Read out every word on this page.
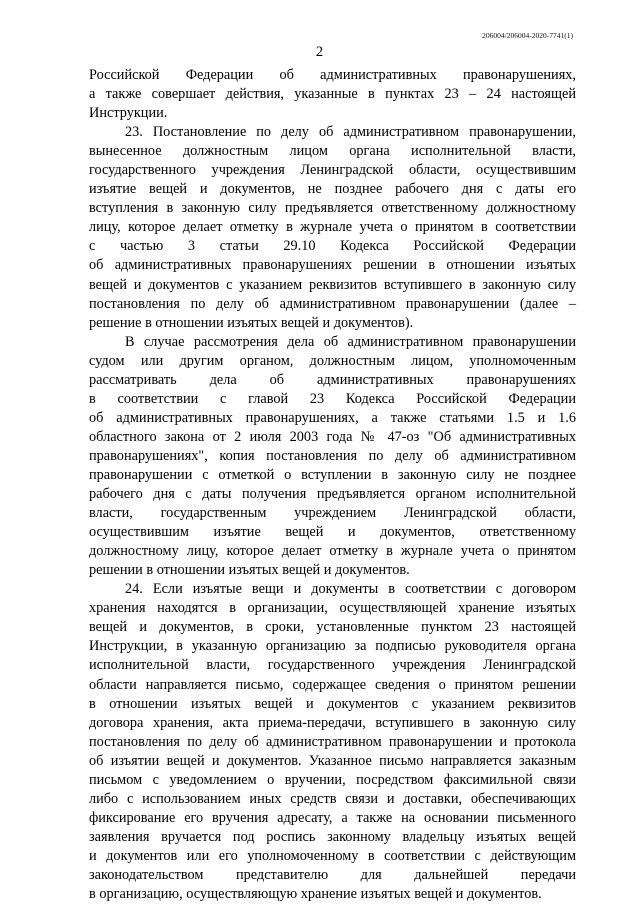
206004/206004-2020-7741(1)
2
Российской Федерации об административных правонарушениях,
а также совершает действия, указанные в пунктах 23 – 24 настоящей
Инструкции.
23. Постановление по делу об административном правонарушении,
вынесенное должностным лицом органа исполнительной власти,
государственного учреждения Ленинградской области, осуществившим
изъятие вещей и документов, не позднее рабочего дня с даты его
вступления в законную силу предъявляется ответственному должностному
лицу, которое делает отметку в журнале учета о принятом в соответствии
с частью 3 статьи 29.10 Кодекса Российской Федерации
об административных правонарушениях решении в отношении изъятых
вещей и документов с указанием реквизитов вступившего в законную силу
постановления по делу об административном правонарушении (далее –
решение в отношении изъятых вещей и документов).
В случае рассмотрения дела об административном правонарушении
судом или другим органом, должностным лицом, уполномоченным
рассматривать дела об административных правонарушениях
в соответствии с главой 23 Кодекса Российской Федерации
об административных правонарушениях, а также статьями 1.5 и 1.6
областного закона от 2 июля 2003 года № 47-оз "Об административных
правонарушениях", копия постановления по делу об административном
правонарушении с отметкой о вступлении в законную силу не позднее
рабочего дня с даты получения предъявляется органом исполнительной
власти, государственным учреждением Ленинградской области,
осуществившим изъятие вещей и документов, ответственному
должностному лицу, которое делает отметку в журнале учета о принятом
решении в отношении изъятых вещей и документов.
24. Если изъятые вещи и документы в соответствии с договором
хранения находятся в организации, осуществляющей хранение изъятых
вещей и документов, в сроки, установленные пунктом 23 настоящей
Инструкции, в указанную организацию за подписью руководителя органа
исполнительной власти, государственного учреждения Ленинградской
области направляется письмо, содержащее сведения о принятом решении
в отношении изъятых вещей и документов с указанием реквизитов
договора хранения, акта приема-передачи, вступившего в законную силу
постановления по делу об административном правонарушении и протокола
об изъятии вещей и документов. Указанное письмо направляется заказным
письмом с уведомлением о вручении, посредством факсимильной связи
либо с использованием иных средств связи и доставки, обеспечивающих
фиксирование его вручения адресату, а также на основании письменного
заявления вручается под роспись законному владельцу изъятых вещей
и документов или его уполномоченному в соответствии с действующим
законодательством представителю для дальнейшей передачи
в организацию, осуществляющую хранение изъятых вещей и документов.
